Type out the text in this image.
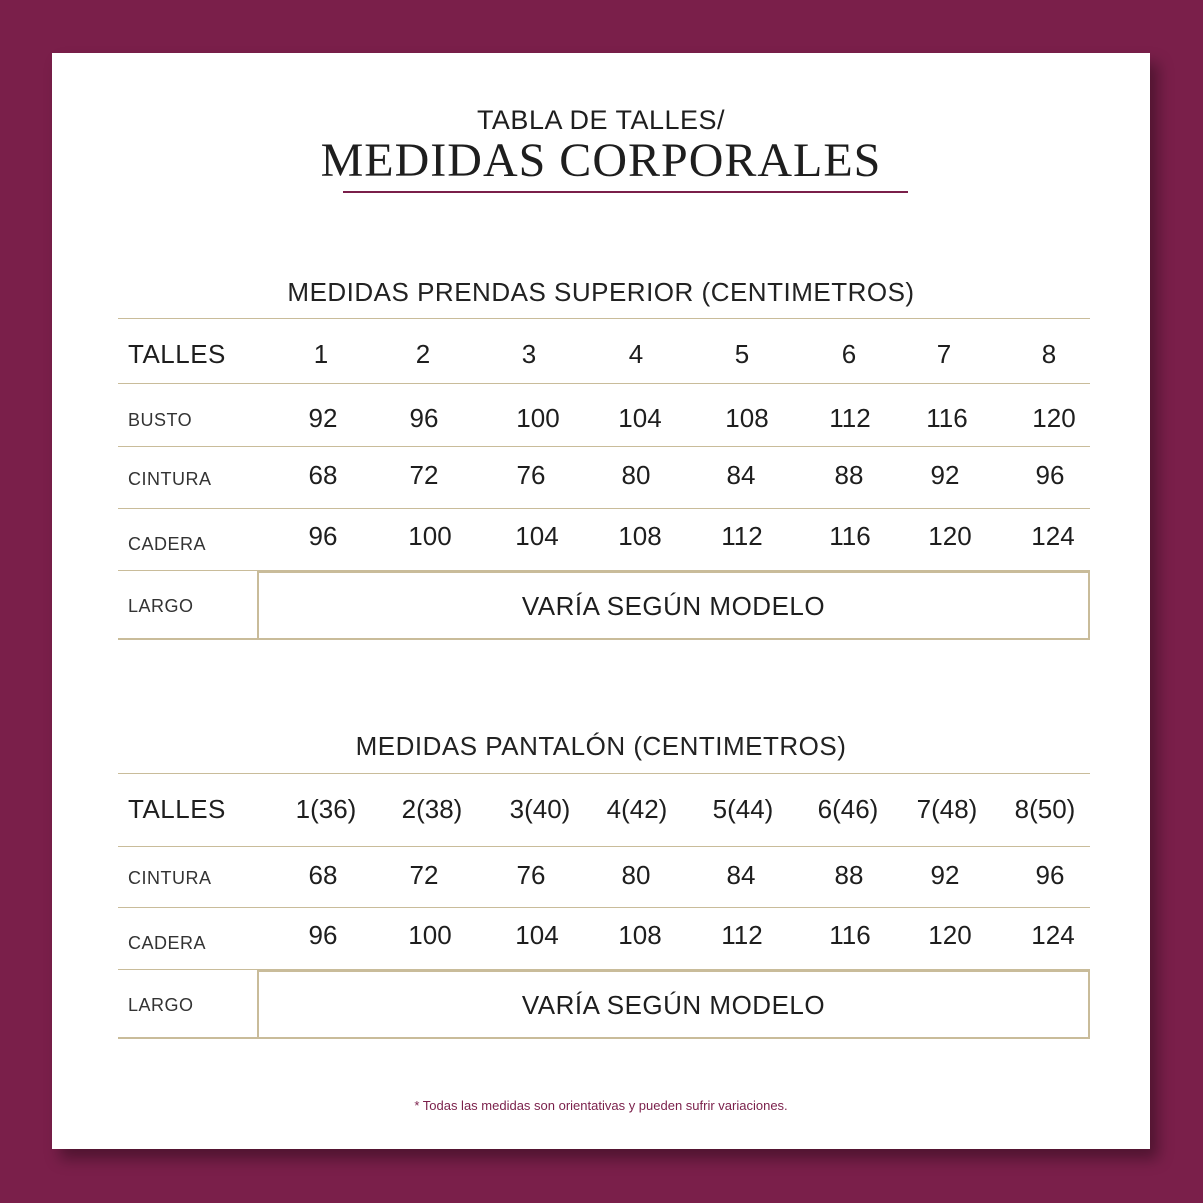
TABLA DE TALLES/
MEDIDAS CORPORALES
MEDIDAS PRENDAS SUPERIOR (CENTIMETROS)
TALLES	1	2	3	4	5	6	7	8
BUSTO	92	96	100	104	108	112	116	120
CINTURA	68	72	76	80	84	88	92	96
CADERA	96	100	104	108	112	116	120	124
LARGO	VARÍA SEGÚN MODELO
MEDIDAS PANTALÓN (CENTIMETROS)
TALLES	1(36)	2(38)	3(40)	4(42)	5(44)	6(46)	7(48)	8(50)
CINTURA	68	72	76	80	84	88	92	96
CADERA	96	100	104	108	112	116	120	124
LARGO	VARÍA SEGÚN MODELO
* Todas las medidas son orientativas y pueden sufrir variaciones.
